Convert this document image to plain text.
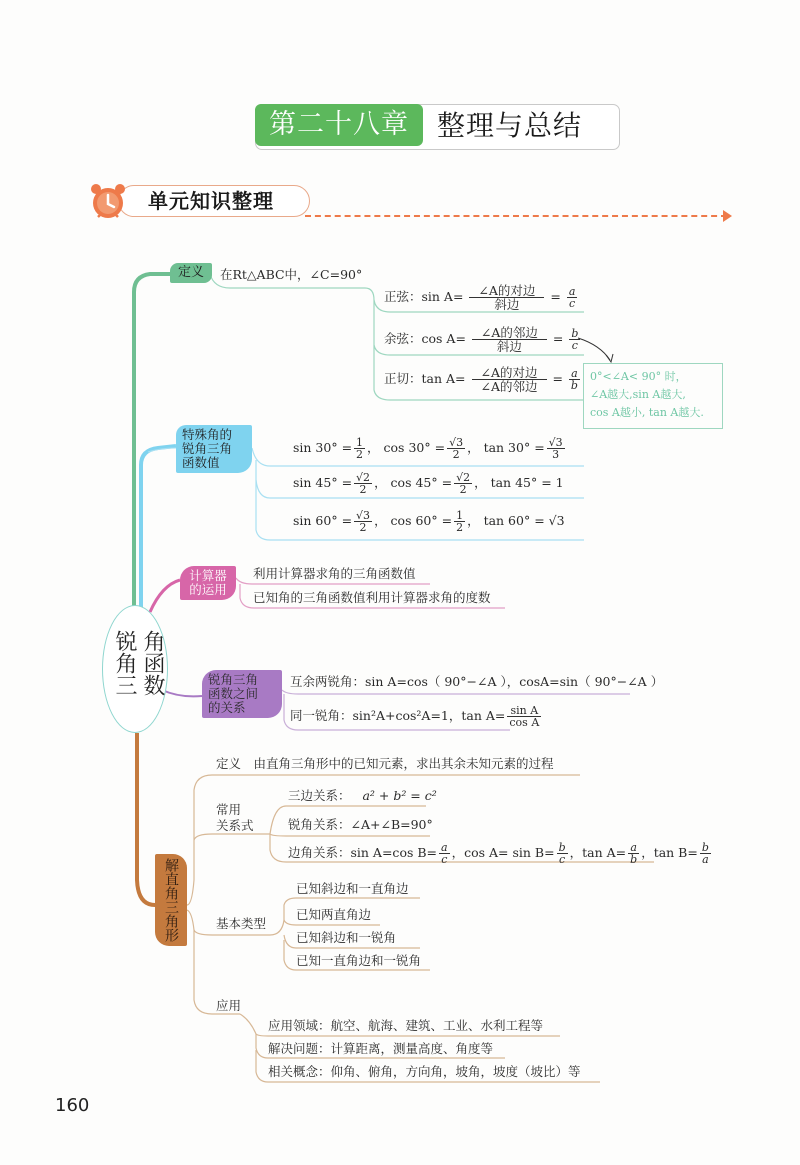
第二十八章	整理与总结
单元知识整理
锐角三 角函数
定义	在Rt△ABC中，∠C=90°
正弦：$\sin A= \frac{\text{∠A的对边}}{\text{斜边}} = \frac{a}{c}$
余弦：$\cos A= \frac{\text{∠A的邻边}}{\text{斜边}} = \frac{b}{c}$
正切：$\tan A= \frac{\text{∠A的对边}}{\text{∠A的邻边}} = \frac{a}{b}$ 0°<∠A< 90° 时，
∠A越大,sin A越大,
cos A越小, tan A越大.
特殊角的
锐角三角
函数值
$\sin 30^\circ = \frac{1}{2}$ ， $\cos 30^\circ = \frac{√3}{2}$ ， $\tan 30^\circ = \frac{√3}{3}$
$\sin 45^\circ = \frac{√2}{2}$ ， $\cos 45^\circ = \frac{√2}{2}$ ， tan 45° = 1
$\sin 60^\circ = \frac{√3}{2}$ ， $\cos 60^\circ = \frac{1}{2}$ ， tan 60° = √3
计算器
的运用
利用计算器求角的三角函数值
已知角的三角函数值利用计算器求角的度数
锐角三角
函数之间
的关系
互余两锐角：sin A=cos（ 90°−∠A ），cosA=sin（ 90°−∠A ）
同一锐角：sin²A+cos²A=1，$\tan A= \frac{\text{sin A}}{\text{cos A}}$
解直角三角形
定义　由直角三角形中的已知元素，求出其余未知元素的过程
常用
关系式
三边关系： a² + b² = c²
锐角关系：∠A+∠B=90°
边角关系：sin A=cos $B= \frac{a}{c}$ ，$\cos A= \sin B= \frac{b}{c}$ ，$\tan A= \frac{a}{b}$ ，$\tan B= \frac{b}{a}$
基本类型
已知斜边和一直角边
已知两直角边
已知斜边和一锐角
已知一直角边和一锐角
应用
应用领域：航空、航海、建筑、工业、水利工程等
解决问题：计算距离，测量高度、角度等
相关概念：仰角、俯角，方向角，坡角，坡度（坡比）等
160
